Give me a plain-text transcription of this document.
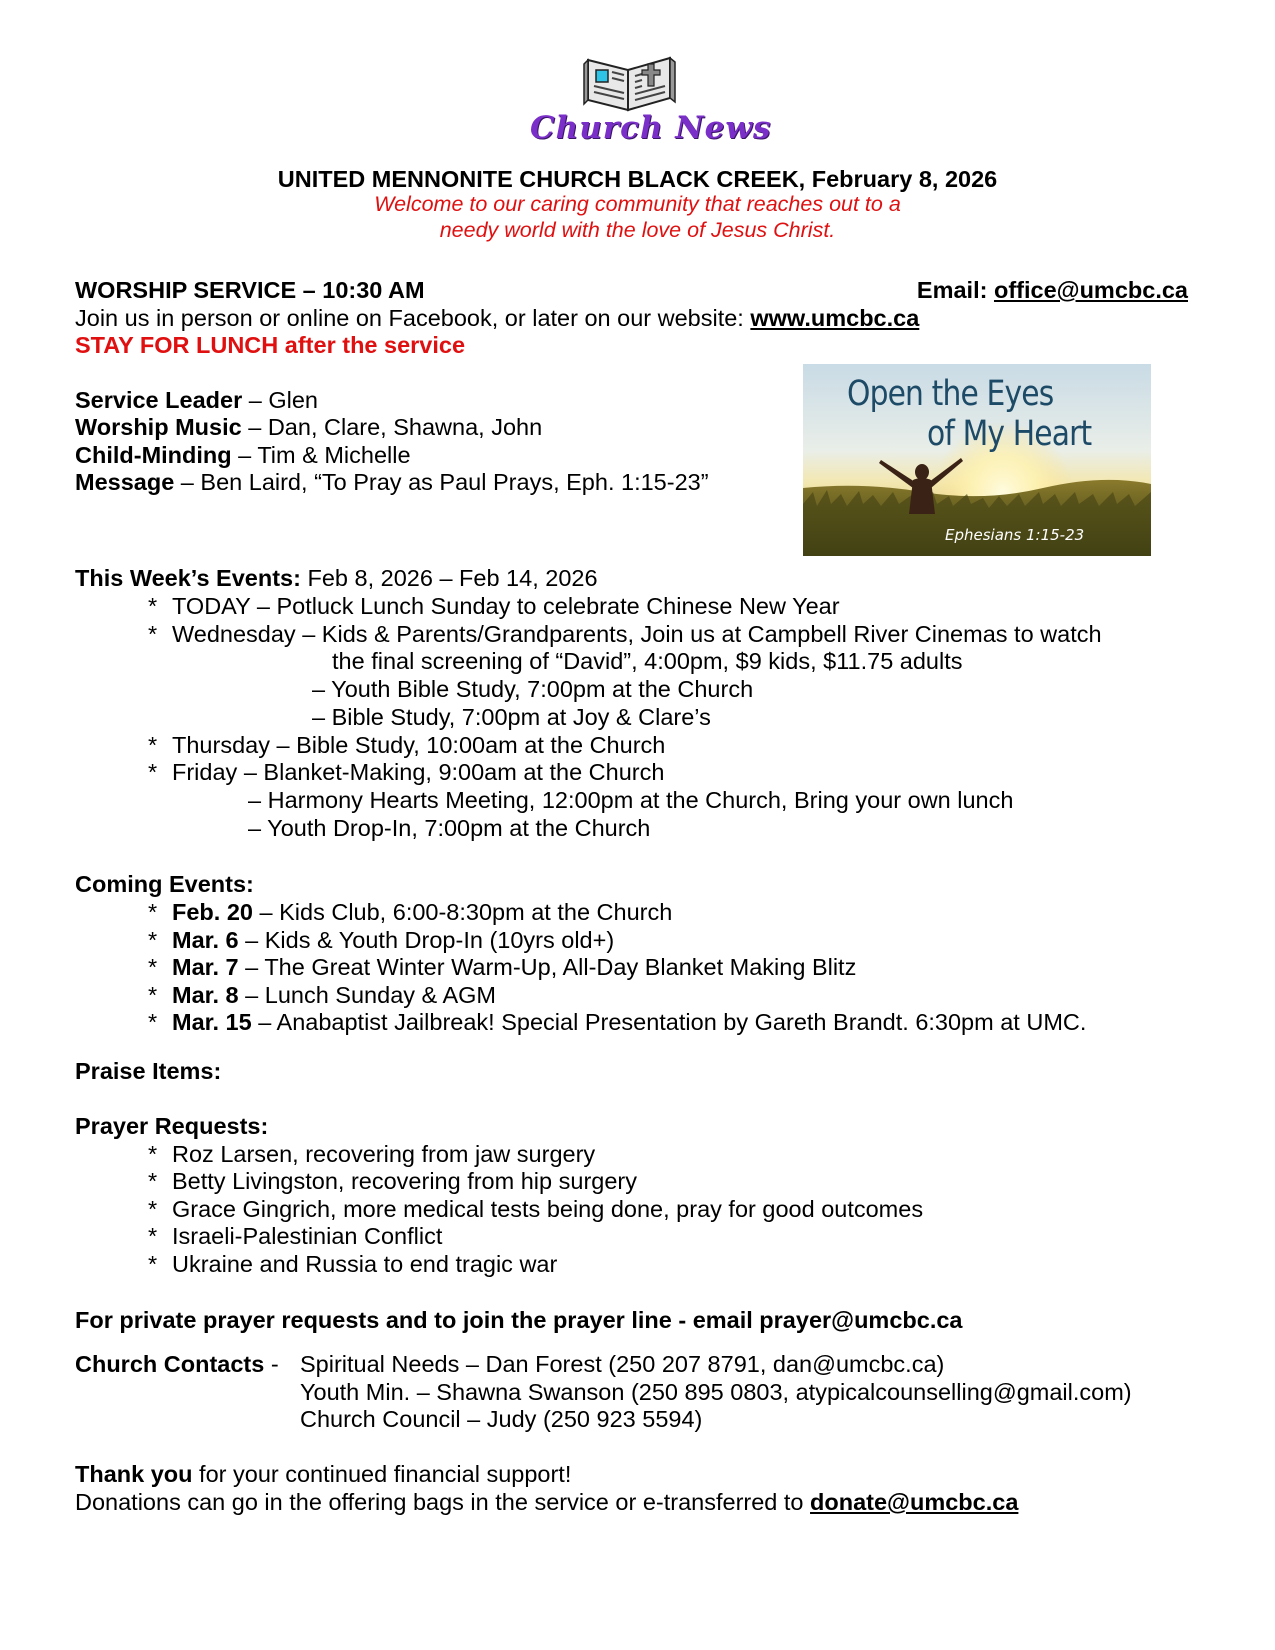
Church News
UNITED MENNONITE CHURCH BLACK CREEK, February 8, 2026
Welcome to our caring community that reaches out to a
needy world with the love of Jesus Christ.
WORSHIP SERVICE – 10:30 AM	Email: office@umcbc.ca
Join us in person or online on Facebook, or later on our website: www.umcbc.ca
STAY FOR LUNCH after the service
Service Leader – Glen
Worship Music – Dan, Clare, Shawna, John
Child-Minding – Tim & Michelle
Message – Ben Laird, “To Pray as Paul Prays, Eph. 1:15-23”
Open the Eyes
of My Heart
Ephesians 1:15-23
This Week’s Events: Feb 8, 2026 – Feb 14, 2026
* TODAY – Potluck Lunch Sunday to celebrate Chinese New Year
* Wednesday – Kids & Parents/Grandparents, Join us at Campbell River Cinemas to watch
the final screening of “David”, 4:00pm, $9 kids, $11.75 adults
– Youth Bible Study, 7:00pm at the Church
– Bible Study, 7:00pm at Joy & Clare’s
* Thursday – Bible Study, 10:00am at the Church
* Friday – Blanket-Making, 9:00am at the Church
– Harmony Hearts Meeting, 12:00pm at the Church, Bring your own lunch
– Youth Drop-In, 7:00pm at the Church
Coming Events:
* Feb. 20 – Kids Club, 6:00-8:30pm at the Church
* Mar. 6 – Kids & Youth Drop-In (10yrs old+)
* Mar. 7 – The Great Winter Warm-Up, All-Day Blanket Making Blitz
* Mar. 8 – Lunch Sunday & AGM
* Mar. 15 – Anabaptist Jailbreak! Special Presentation by Gareth Brandt. 6:30pm at UMC.
Praise Items:
Prayer Requests:
* Roz Larsen, recovering from jaw surgery
* Betty Livingston, recovering from hip surgery
* Grace Gingrich, more medical tests being done, pray for good outcomes
* Israeli-Palestinian Conflict
* Ukraine and Russia to end tragic war
For private prayer requests and to join the prayer line - email prayer@umcbc.ca
Church Contacts - Spiritual Needs – Dan Forest (250 207 8791, dan@umcbc.ca)
Youth Min. – Shawna Swanson (250 895 0803, atypicalcounselling@gmail.com)
Church Council – Judy (250 923 5594)
Thank you for your continued financial support!
Donations can go in the offering bags in the service or e-transferred to donate@umcbc.ca
